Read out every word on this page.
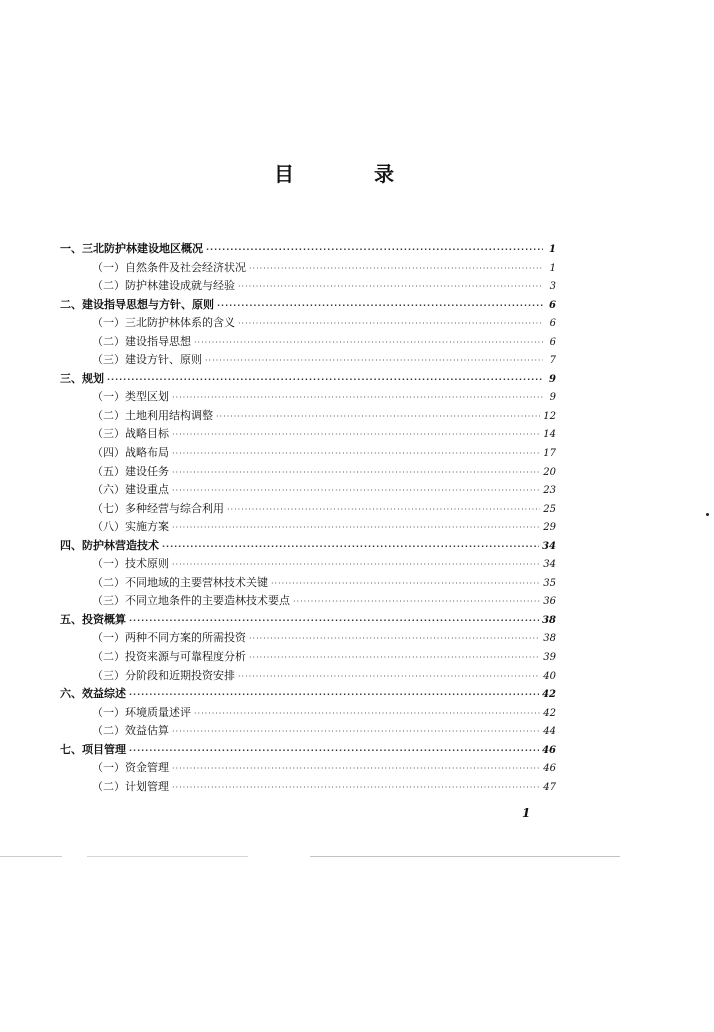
目　录
一、三北防护林建设地区概况 ·····	1
（一）自然条件及社会经济状况 ·····	1
（二）防护林建设成就与经验 ·····	3
二、建设指导思想与方针、原则 ·····	6
（一）三北防护林体系的含义 ·····	6
（二）建设指导思想 ·····	6
（三）建设方针、原则 ·····	7
三、规划 ·····	9
（一）类型区划 ·····	9
（二）土地利用结构调整 ·····	12
（三）战略目标 ·····	14
（四）战略布局 ·····	17
（五）建设任务 ·····	20
（六）建设重点 ·····	23
（七）多种经营与综合利用 ·····	25
（八）实施方案 ·····	29
四、防护林营造技术 ·····	34
（一）技术原则 ·····	34
（二）不同地域的主要营林技术关键 ·····	35
（三）不同立地条件的主要造林技术要点 ·····	36
五、投资概算 ·····	38
（一）两种不同方案的所需投资 ·····	38
（二）投资来源与可靠程度分析 ·····	39
（三）分阶段和近期投资安排 ·····	40
六、效益综述 ·····	42
（一）环境质量述评 ·····	42
（二）效益估算 ·····	44
七、项目管理 ·····	46
（一）资金管理 ·····	46
（二）计划管理 ·····	47
1
